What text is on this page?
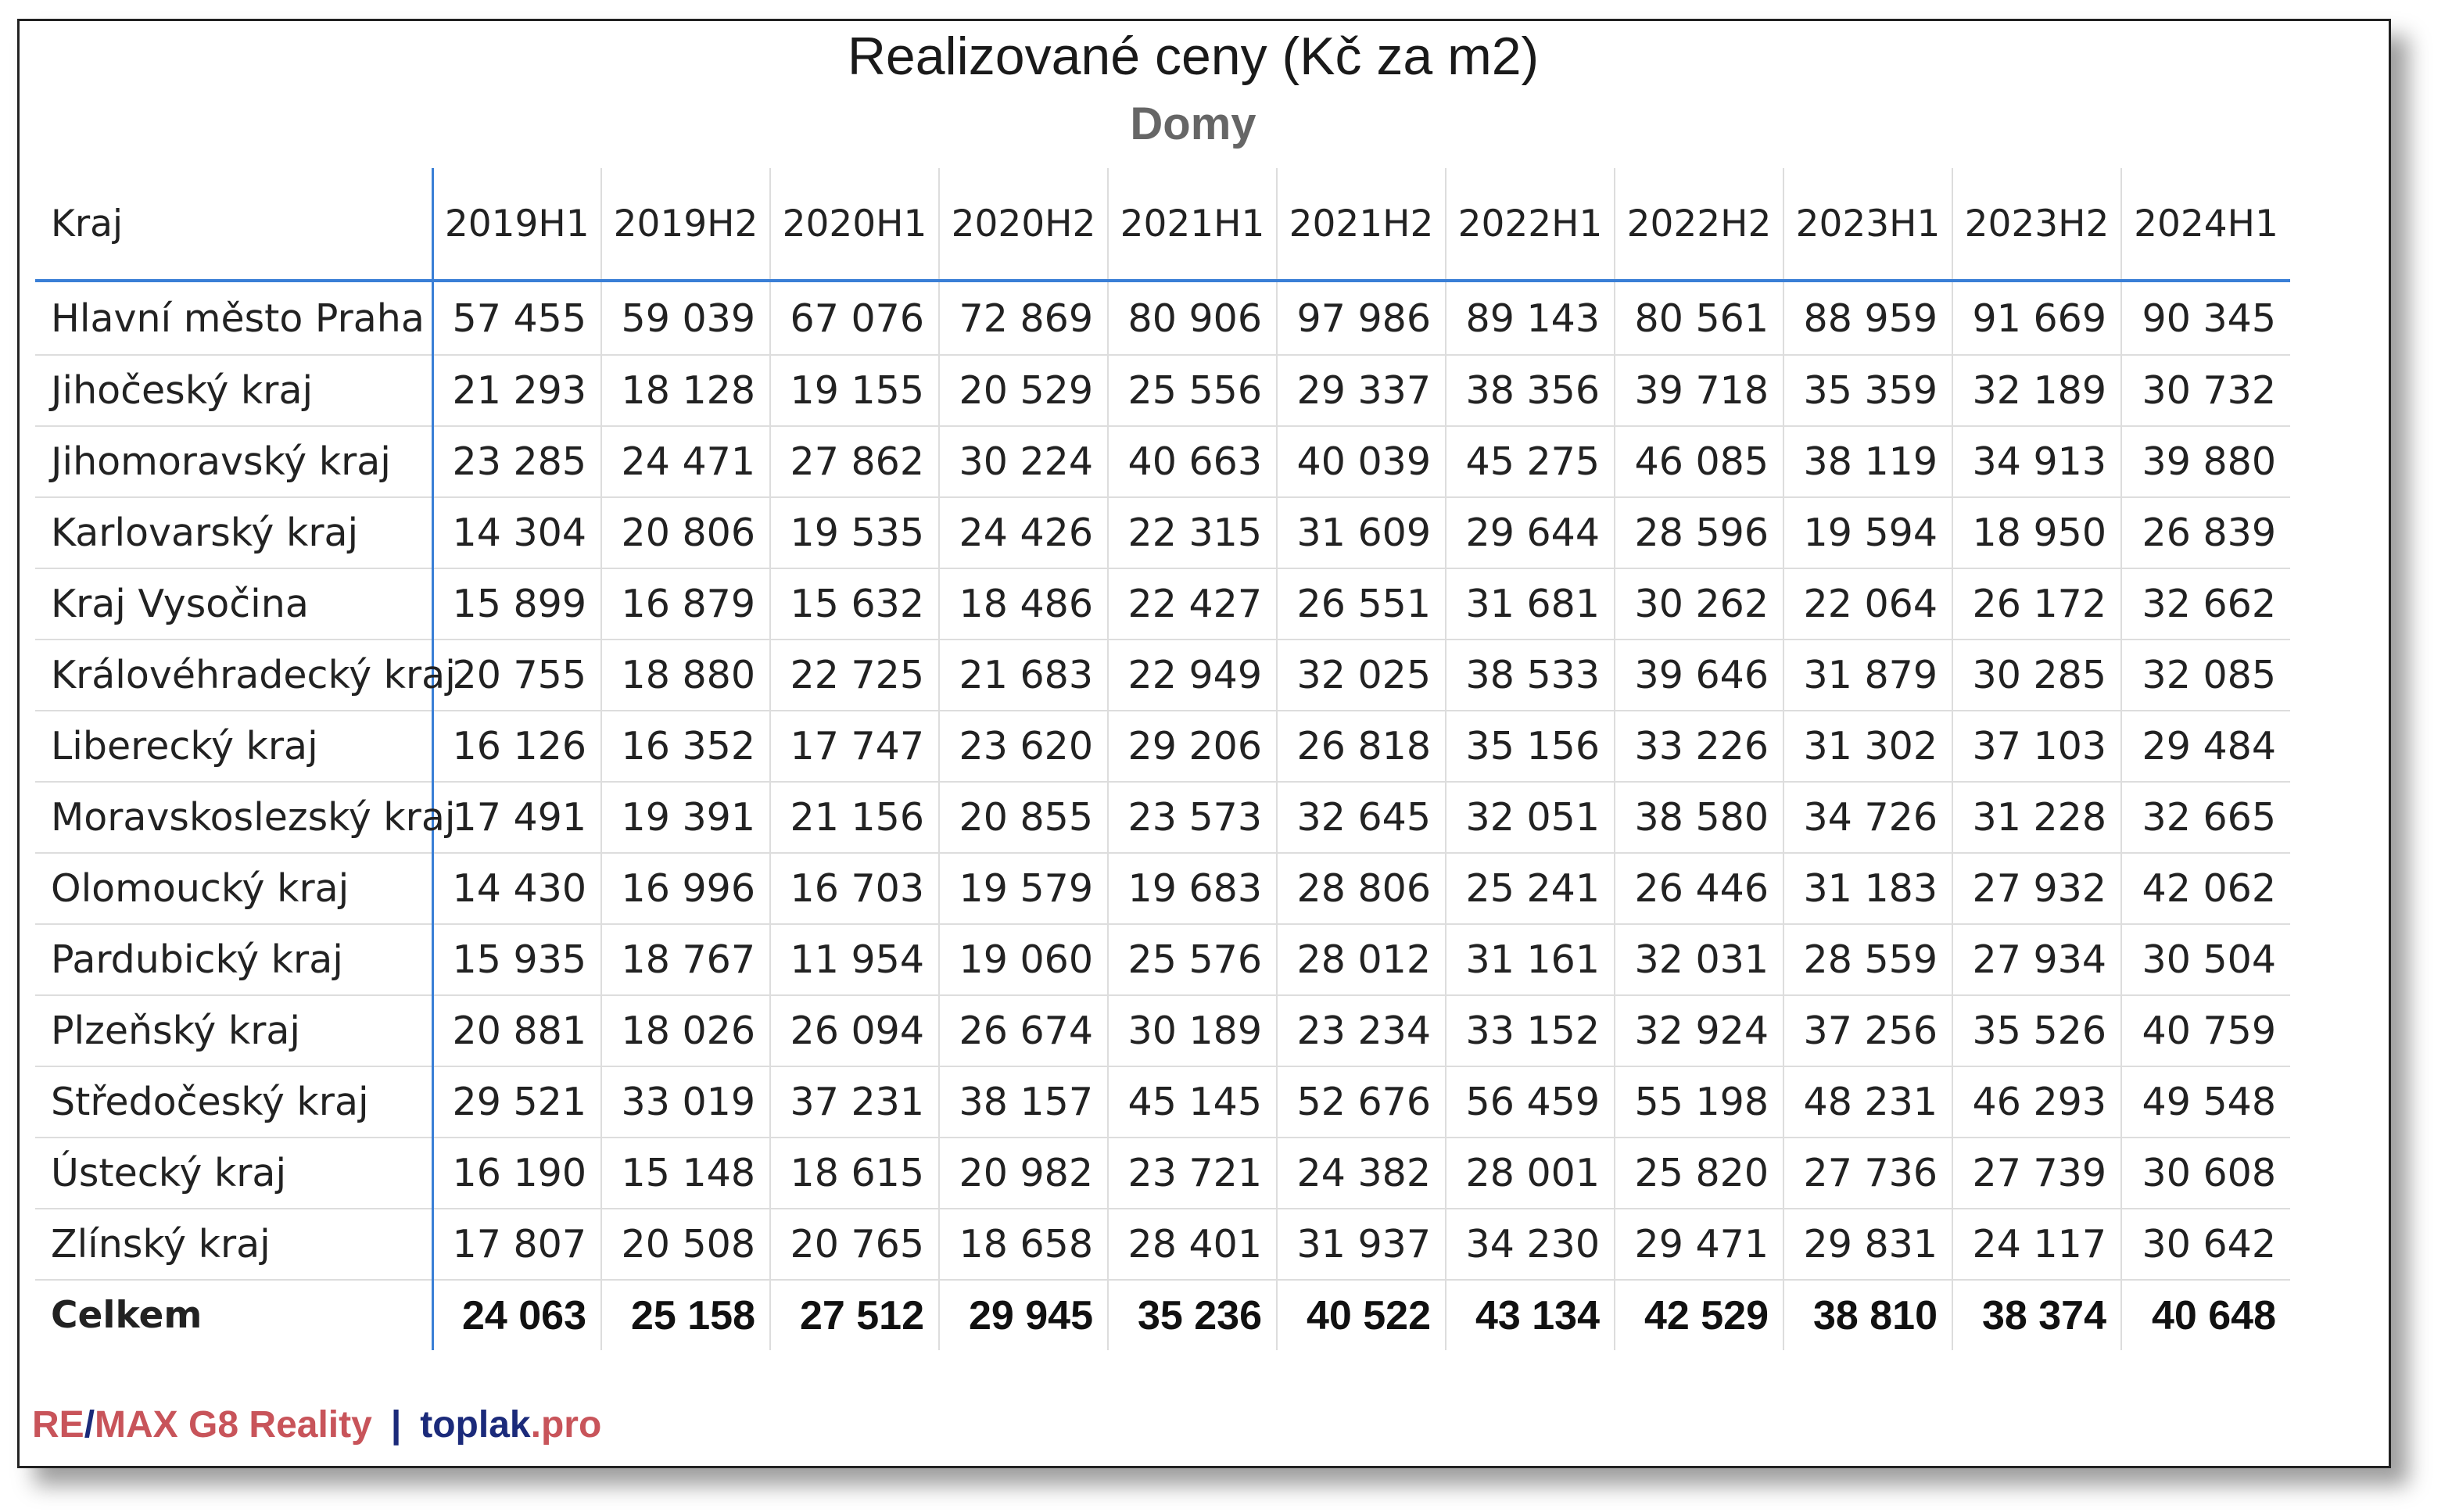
Realizované ceny (Kč za m2)
Domy
Kraj	2019H1	2019H2	2020H1	2020H2	2021H1	2021H2	2022H1	2022H2	2023H1	2023H2	2024H1
Hlavní město Praha	57 455	59 039	67 076	72 869	80 906	97 986	89 143	80 561	88 959	91 669	90 345
Jihočeský kraj	21 293	18 128	19 155	20 529	25 556	29 337	38 356	39 718	35 359	32 189	30 732
Jihomoravský kraj	23 285	24 471	27 862	30 224	40 663	40 039	45 275	46 085	38 119	34 913	39 880
Karlovarský kraj	14 304	20 806	19 535	24 426	22 315	31 609	29 644	28 596	19 594	18 950	26 839
Kraj Vysočina	15 899	16 879	15 632	18 486	22 427	26 551	31 681	30 262	22 064	26 172	32 662
Královéhradecký kraj	20 755	18 880	22 725	21 683	22 949	32 025	38 533	39 646	31 879	30 285	32 085
Liberecký kraj	16 126	16 352	17 747	23 620	29 206	26 818	35 156	33 226	31 302	37 103	29 484
Moravskoslezský kraj	17 491	19 391	21 156	20 855	23 573	32 645	32 051	38 580	34 726	31 228	32 665
Olomoucký kraj	14 430	16 996	16 703	19 579	19 683	28 806	25 241	26 446	31 183	27 932	42 062
Pardubický kraj	15 935	18 767	11 954	19 060	25 576	28 012	31 161	32 031	28 559	27 934	30 504
Plzeňský kraj	20 881	18 026	26 094	26 674	30 189	23 234	33 152	32 924	37 256	35 526	40 759
Středočeský kraj	29 521	33 019	37 231	38 157	45 145	52 676	56 459	55 198	48 231	46 293	49 548
Ústecký kraj	16 190	15 148	18 615	20 982	23 721	24 382	28 001	25 820	27 736	27 739	30 608
Zlínský kraj	17 807	20 508	20 765	18 658	28 401	31 937	34 230	29 471	29 831	24 117	30 642
Celkem	24 063	25 158	27 512	29 945	35 236	40 522	43 134	42 529	38 810	38 374	40 648
RE/MAX G8 Reality | toplak.pro
